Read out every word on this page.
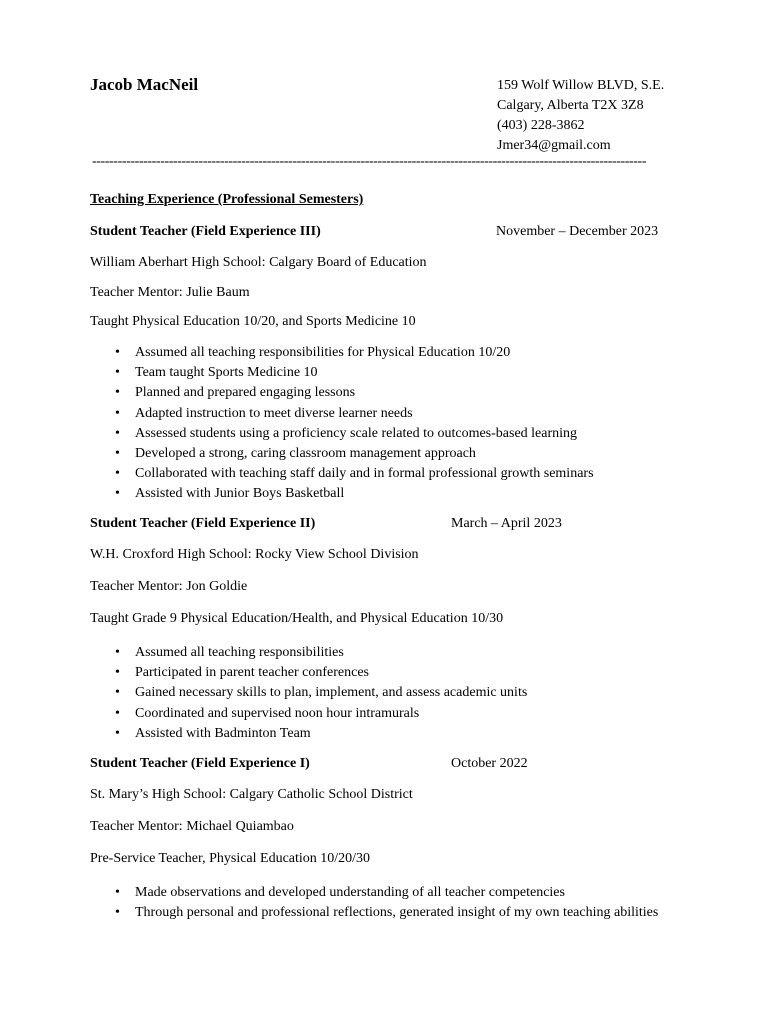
Jacob MacNeil	159 Wolf Willow BLVD, S.E.
Calgary, Alberta T2X 3Z8
(403) 228-3862
Jmer34@gmail.com
----------------------------------------------------------------------------------------------------------------------------------
Teaching Experience (Professional Semesters)
Student Teacher (Field Experience III)	November – December 2023
William Aberhart High School: Calgary Board of Education
Teacher Mentor: Julie Baum
Taught Physical Education 10/20, and Sports Medicine 10
• Assumed all teaching responsibilities for Physical Education 10/20
• Team taught Sports Medicine 10
• Planned and prepared engaging lessons
• Adapted instruction to meet diverse learner needs
• Assessed students using a proficiency scale related to outcomes-based learning
• Developed a strong, caring classroom management approach
• Collaborated with teaching staff daily and in formal professional growth seminars
• Assisted with Junior Boys Basketball
Student Teacher (Field Experience II)	March – April 2023
W.H. Croxford High School: Rocky View School Division
Teacher Mentor: Jon Goldie
Taught Grade 9 Physical Education/Health, and Physical Education 10/30
• Assumed all teaching responsibilities
• Participated in parent teacher conferences
• Gained necessary skills to plan, implement, and assess academic units
• Coordinated and supervised noon hour intramurals
• Assisted with Badminton Team
Student Teacher (Field Experience I)	October 2022
St. Mary’s High School: Calgary Catholic School District
Teacher Mentor: Michael Quiambao
Pre-Service Teacher, Physical Education 10/20/30
• Made observations and developed understanding of all teacher competencies
• Through personal and professional reflections, generated insight of my own teaching abilities
